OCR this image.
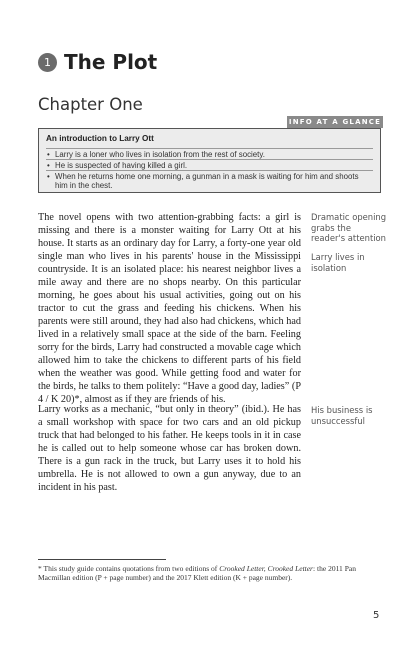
1 The Plot
Chapter One
INFO AT A GLANCE
An introduction to Larry Ott
• Larry is a loner who lives in isolation from the rest of society.
• He is suspected of having killed a girl.
• When he returns home one morning, a gunman in a mask is waiting for him and shoots him in the chest.

The novel opens with two attention-grabbing facts: a girl is missing and there is a monster waiting for Larry Ott at his house. It starts as an ordinary day for Larry, a forty-one year old single man who lives in his parents' house in the Mississippi countryside. It is an isolated place: his nearest neighbor lives a mile away and there are no shops nearby. On this particular morning, he goes about his usual activities, going out on his tractor to cut the grass and feeding his chickens. When his parents were still around, they had also had chickens, which had lived in a relatively small space at the side of the barn. Feeling sorry for the birds, Larry had constructed a movable cage which allowed him to take the chickens to different parts of his field when the weather was good. While getting food and water for the birds, he talks to them politely: “Have a good day, ladies” (P 4 / K 20)*, almost as if they are friends of his.

Larry works as a mechanic, “but only in theory” (ibid.). He has a small workshop with space for two cars and an old pickup truck that had belonged to his father. He keeps tools in it in case he is called out to help someone whose car has broken down. There is a gun rack in the truck, but Larry uses it to hold his umbrella. He is not allowed to own a gun anyway, due to an incident in his past.

Dramatic opening grabs the reader's attention
Larry lives in isolation
His business is unsuccessful
* This study guide contains quotations from two editions of Crooked Letter, Crooked Letter: the 2011 Pan Macmillan edition (P + page number) and the 2017 Klett edition (K + page number).
5
